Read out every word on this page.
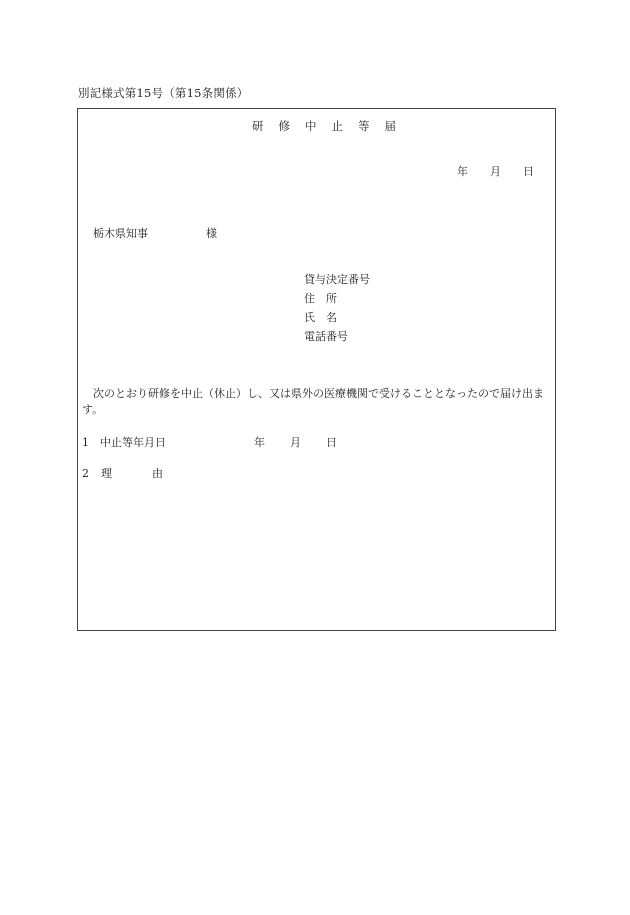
別記様式第15号（第15条関係）
研 修 中 止 等 届
年 月 日
栃木県知事	様
貸与決定番号
住　所
氏　名
電話番号
次のとおり研修を中止（休止）し、又は県外の医療機関で受けることとなったので届け出ます。
1　中止等年月日	年 月 日
2 理	由
